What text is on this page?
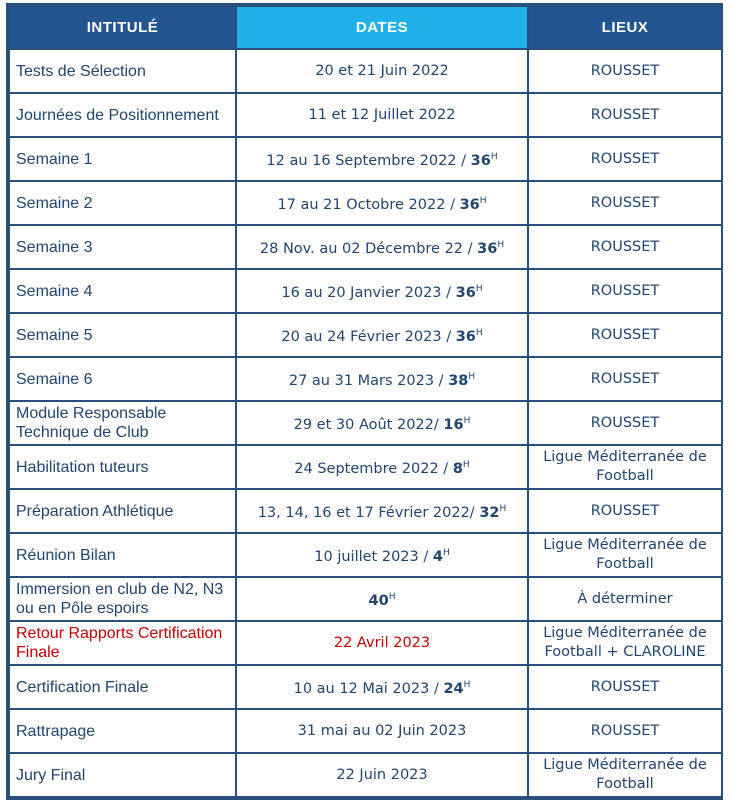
INTITULÉ	DATES	LIEUX
Tests de Sélection	20 et 21 Juin 2022	ROUSSET
Journées de Positionnement	11 et 12 Juillet 2022	ROUSSET
Semaine 1	12 au 16 Septembre $2022 / 36^H$	ROUSSET
Semaine 2	17 au 21 Octobre $2022 / 36^H$	ROUSSET
Semaine 3	28 Nov. au 02 Décembre $22 / 36^H$	ROUSSET
Semaine 4	16 au 20 Janvier $2023 / 36^H$	ROUSSET
Semaine 5	20 au 24 Février $2023 / 36^H$	ROUSSET
Semaine 6	27 au 31 Mars $2023 / 38^H$	ROUSSET
Module Responsable Technique de Club	29 et 30 Août 2022/ $16^H$	ROUSSET
Habilitation tuteurs	24 Septembre $2022 / 8^H$	Ligue Méditerranée de Football
Préparation Athlétique	13, 14, 16 et 17 Février 2022/ $32^H$	ROUSSET
Réunion Bilan	10 juillet $2023 / 4^H$	Ligue Méditerranée de Football
Immersion en club de N2, N3 ou en Pôle espoirs	$40^H$	À déterminer
Retour Rapports Certification Finale	22 Avril 2023	Ligue Méditerranée de Football + CLAROLINE
Certification Finale	10 au 12 Mai $2023 / 24^H$	ROUSSET
Rattrapage	31 mai au 02 Juin 2023	ROUSSET
Jury Final	22 Juin 2023	Ligue Méditerranée de Football
